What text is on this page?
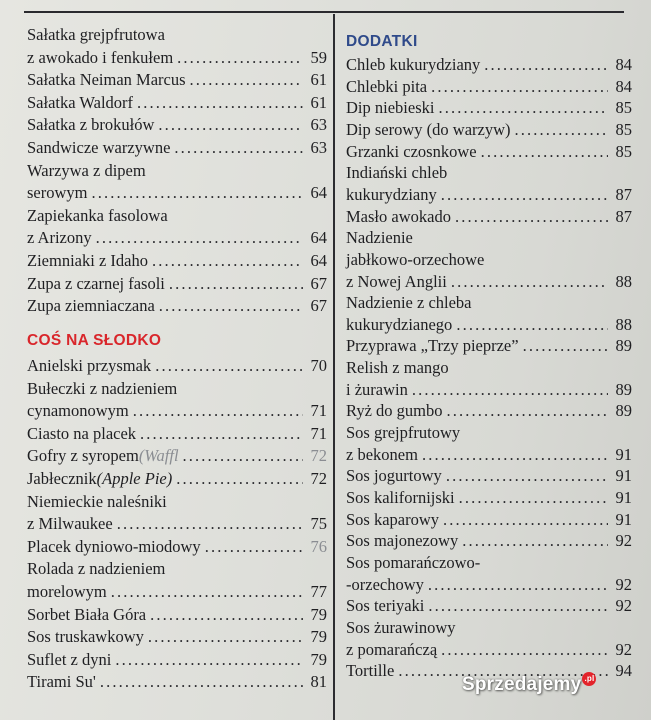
Sałatka grejpfrutowa
z awokado i fenkułem . . .	59
Sałatka Neiman Marcus . . .	61
Sałatka Waldorf . . .	61
Sałatka z brokułów . . .	63
Sandwicze warzywne . . .	63
Warzywa z dipem
serowym . . .	64
Zapiekanka fasolowa
z Arizony . . .	64
Ziemniaki z Idaho . . .	64
Zupa z czarnej fasoli . . .	67
Zupa ziemniaczana . . .	67
COŚ NA SŁODKO
Anielski przysmak . . .	70
Bułeczki z nadzieniem
cynamonowym . . .	71
Ciasto na placek . . .	71
Gofry z syropem (Waffl . . .	72
Jabłecznik (Apple Pie) . . .	72
Niemieckie naleśniki
z Milwaukee . . .	75
Placek dyniowo-miodowy . . .	76
Rolada z nadzieniem
morelowym . . .	77
Sorbet Biała Góra . . .	79
Sos truskawkowy . . .	79
Suflet z dyni . . .	79
Tirami Su' . . .	81
DODATKI
Chleb kukurydziany . . .	84
Chlebki pita . . .	84
Dip niebieski . . .	85
Dip serowy (do warzyw) . . .	85
Grzanki czosnkowe . . .	85
Indiański chleb
kukurydziany . . .	87
Masło awokado . . .	87
Nadzienie
jabłkowo-orzechowe
z Nowej Anglii . . .	88
Nadzienie z chleba
kukurydzianego . . .	88
Przyprawa „Trzy pieprze” . . .	89
Relish z mango
i żurawin . . .	89
Ryż do gumbo . . .	89
Sos grejpfrutowy
z bekonem . . .	91
Sos jogurtowy . . .	91
Sos kalifornijski . . .	91
Sos kaparowy . . .	91
Sos majonezowy . . .	92
Sos pomarańczowo-
-orzechowy . . .	92
Sos teriyaki . . .	92
Sos żurawinowy
z pomarańczą . . .	92
Tortille . . .	94
Sprzedajemy .pl
